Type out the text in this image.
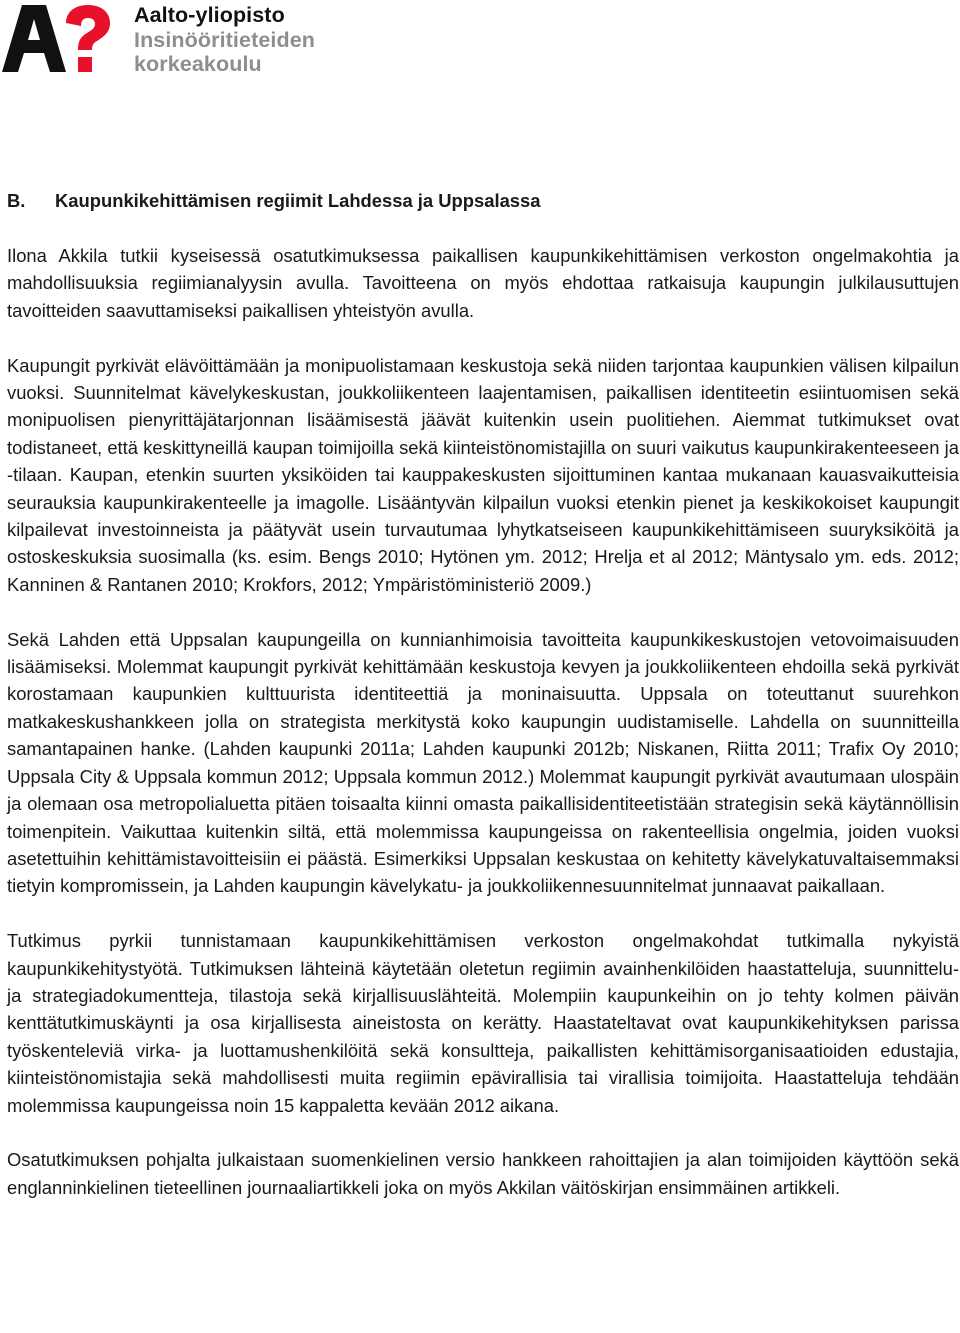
Aalto-yliopisto
Insinööritieteiden
korkeakoulu
B. Kaupunkikehittämisen regiimit Lahdessa ja Uppsalassa

Ilona Akkila tutkii kyseisessä osatutkimuksessa paikallisen kaupunkikehittämisen verkoston ongelmakohtia ja mahdollisuuksia regiimianalyysin avulla. Tavoitteena on myös ehdottaa ratkaisuja kaupungin julkilausuttujen tavoitteiden saavuttamiseksi paikallisen yhteistyön avulla.

Kaupungit pyrkivät elävöittämään ja monipuolistamaan keskustoja sekä niiden tarjontaa kaupunkien välisen kilpailun vuoksi. Suunnitelmat kävelykeskustan, joukkoliikenteen laajentamisen, paikallisen identiteetin esiintuomisen sekä monipuolisen pienyrittäjätarjonnan lisäämisestä jäävät kuitenkin usein puolitiehen. Aiemmat tutkimukset ovat todistaneet, että keskittyneillä kaupan toimijoilla sekä kiinteistönomistajilla on suuri vaikutus kaupunkirakenteeseen ja -tilaan. Kaupan, etenkin suurten yksiköiden tai kauppakeskusten sijoittuminen kantaa mukanaan kauasvaikutteisia seurauksia kaupunkirakenteelle ja imagolle. Lisääntyvän kilpailun vuoksi etenkin pienet ja keskikokoiset kaupungit kilpailevat investoinneista ja päätyvät usein turvautumaa lyhytkatseiseen kaupunkikehittämiseen suuryksiköitä ja ostoskeskuksia suosimalla (ks. esim. Bengs 2010; Hytönen ym. 2012; Hrelja et al 2012; Mäntysalo ym. eds. 2012; Kanninen & Rantanen 2010; Krokfors, 2012; Ympäristöministeriö 2009.)

Sekä Lahden että Uppsalan kaupungeilla on kunnianhimoisia tavoitteita kaupunkikeskustojen vetovoimaisuuden lisäämiseksi. Molemmat kaupungit pyrkivät kehittämään keskustoja kevyen ja joukkoliikenteen ehdoilla sekä pyrkivät korostamaan kaupunkien kulttuurista identiteettiä ja moninaisuutta. Uppsala on toteuttanut suurehkon matkakeskushankkeen jolla on strategista merkitystä koko kaupungin uudistamiselle. Lahdella on suunnitteilla samantapainen hanke. (Lahden kaupunki 2011a; Lahden kaupunki 2012b; Niskanen, Riitta 2011; Trafix Oy 2010; Uppsala City & Uppsala kommun 2012; Uppsala kommun 2012.) Molemmat kaupungit pyrkivät avautumaan ulospäin ja olemaan osa metropolialuetta pitäen toisaalta kiinni omasta paikallisidentiteetistään strategisin sekä käytännöllisin toimenpitein. Vaikuttaa kuitenkin siltä, että molemmissa kaupungeissa on rakenteellisia ongelmia, joiden vuoksi asetettuihin kehittämistavoitteisiin ei päästä. Esimerkiksi Uppsalan keskustaa on kehitetty kävelykatuvaltaisemmaksi tietyin kompromissein, ja Lahden kaupungin kävelykatu- ja joukkoliikennesuunnitelmat junnaavat paikallaan.

Tutkimus pyrkii tunnistamaan kaupunkikehittämisen verkoston ongelmakohdat tutkimalla nykyistä kaupunkikehitystyötä. Tutkimuksen lähteinä käytetään oletetun regiimin avainhenkilöiden haastatteluja, suunnittelu- ja strategiadokumentteja, tilastoja sekä kirjallisuuslähteitä. Molempiin kaupunkeihin on jo tehty kolmen päivän kenttätutkimuskäynti ja osa kirjallisesta aineistosta on kerätty. Haastateltavat ovat kaupunkikehityksen parissa työskenteleviä virka- ja luottamushenkilöitä sekä konsultteja, paikallisten kehittämisorganisaatioiden edustajia, kiinteistönomistajia sekä mahdollisesti muita regiimin epävirallisia tai virallisia toimijoita. Haastatteluja tehdään molemmissa kaupungeissa noin 15 kappaletta kevään 2012 aikana.

Osatutkimuksen pohjalta julkaistaan suomenkielinen versio hankkeen rahoittajien ja alan toimijoiden käyttöön sekä englanninkielinen tieteellinen journaaliartikkeli joka on myös Akkilan väitöskirjan ensimmäinen artikkeli.
